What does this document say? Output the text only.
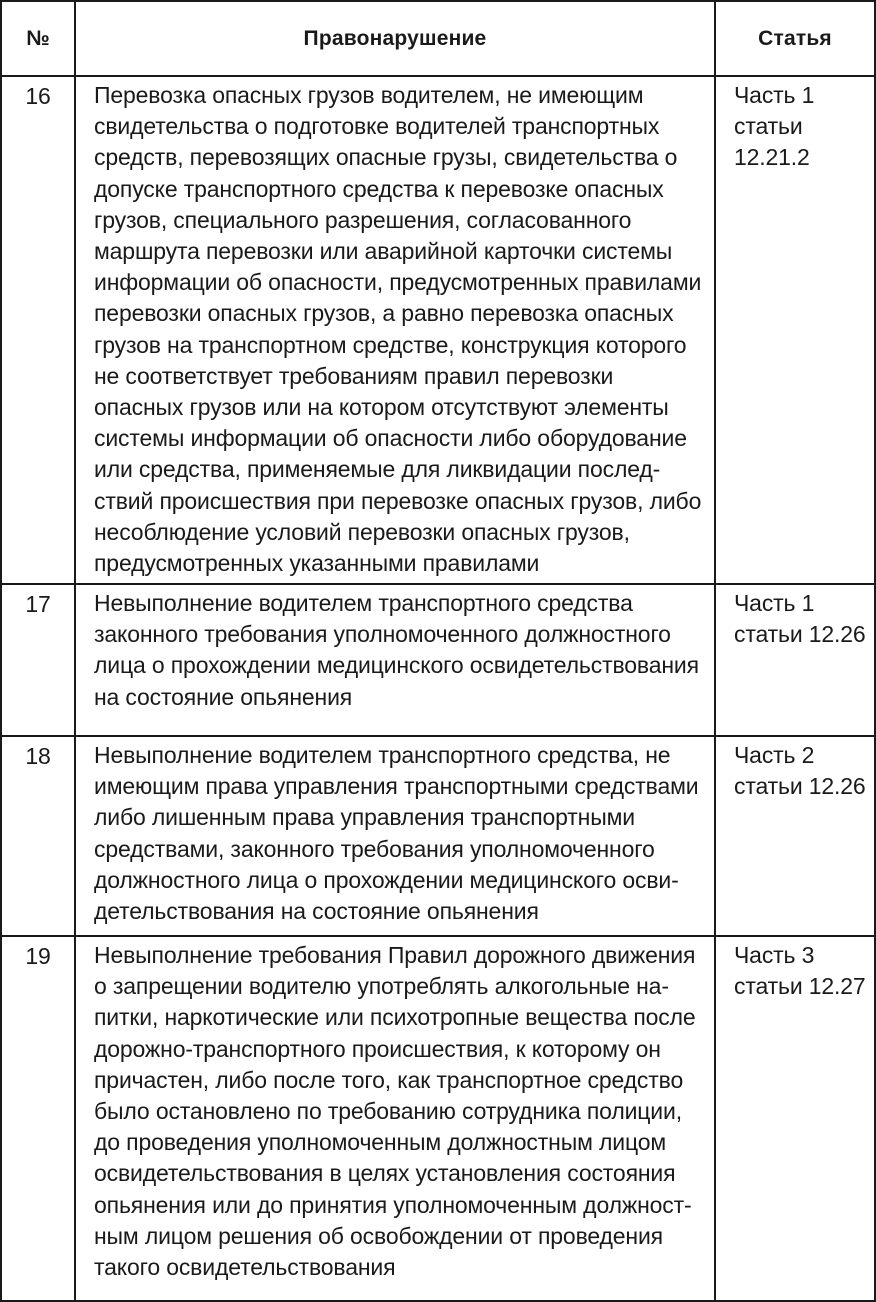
№	Правонарушение	Статья
16	Перевозка опасных грузов водителем, не имеющим свидетельства о подготовке водителей транспортных средств, перевозящих опасные грузы, свидетельства о допуске транспортного средства к перевозке опасных грузов, специального разрешения, согласованного маршрута перевозки или аварийной карточки системы информации об опасности, предусмотренных правилами перевозки опасных грузов, а равно перевозка опасных грузов на транспортном средстве, конструкция которого не соответствует требованиям правил перевозки опасных грузов или на котором отсутствуют элементы системы информации об опасности либо оборудование или средства, применяемые для ликвидации последствий происшествия при перевозке опасных грузов, либо несоблюдение условий перевозки опасных грузов, предусмотренных указанными правилами	Часть 1 статьи 12.21.2
17	Невыполнение водителем транспортного средства законного требования уполномоченного должностного лица о прохождении медицинского освидетельствования на состояние опьянения	Часть 1 статьи 12.26
18	Невыполнение водителем транспортного средства, не имеющим права управления транспортными средствами либо лишенным права управления транспортными средствами, законного требования уполномоченного должностного лица о прохождении медицинского освидетельствования на состояние опьянения	Часть 2 статьи 12.26
19	Невыполнение требования Правил дорожного движения о запрещении водителю употреблять алкогольные напитки, наркотические или психотропные вещества после дорожно-транспортного происшествия, к которому он причастен, либо после того, как транспортное средство было остановлено по требованию сотрудника полиции, до проведения уполномоченным должностным лицом освидетельствования в целях установления состояния опьянения или до принятия уполномоченным должностным лицом решения об освобождении от проведения такого освидетельствования	Часть 3 статьи 12.27
